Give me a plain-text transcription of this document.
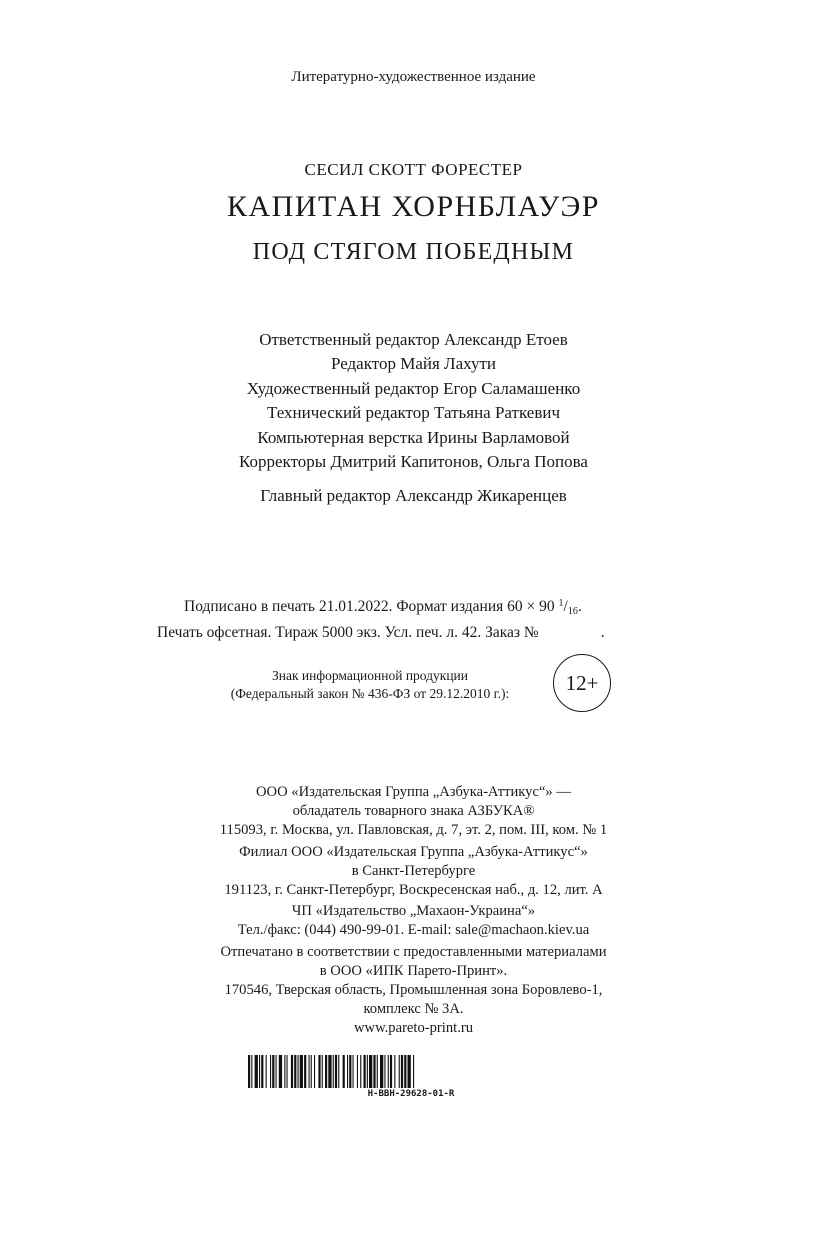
Литературно-художественное издание
СЕСИЛ СКОТТ ФОРЕСТЕР
КАПИТАН ХОРНБЛАУЭР
ПОД СТЯГОМ ПОБЕДНЫМ
Ответственный редактор Александр Етоев
Редактор Майя Лахути
Художественный редактор Егор Саламашенко
Технический редактор Татьяна Раткевич
Компьютерная верстка Ирины Варламовой
Корректоры Дмитрий Капитонов, Ольга Попова
Главный редактор Александр Жикаренцев
Подписано в печать 21.01.2022. Формат издания 60 × 90 $^1/_{16}$.
Печать офсетная. Тираж 5000 экз. Усл. печ. л. 42. Заказ №	.
Знак информационной продукции
(Федеральный закон № 436-ФЗ от 29.12.2010 г.):	12+
ООО «Издательская Группа „Азбука-Аттикус“» —
обладатель товарного знака АЗБУКА®
115093, г. Москва, ул. Павловская, д. 7, эт. 2, пом. III, ком. № 1
Филиал ООО «Издательская Группа „Азбука-Аттикус“»
в Санкт-Петербурге
191123, г. Санкт-Петербург, Воскресенская наб., д. 12, лит. А
ЧП «Издательство „Махаон-Украина“»
Тел./факс: (044) 490-99-01. E-mail: sale@machaon.kiev.ua
Отпечатано в соответствии с предоставленными материалами
в ООО «ИПК Парето-Принт».
170546, Тверская область, Промышленная зона Боровлево-1,
комплекс № 3А.
www.pareto-print.ru
H-BBH-29628-01-R
